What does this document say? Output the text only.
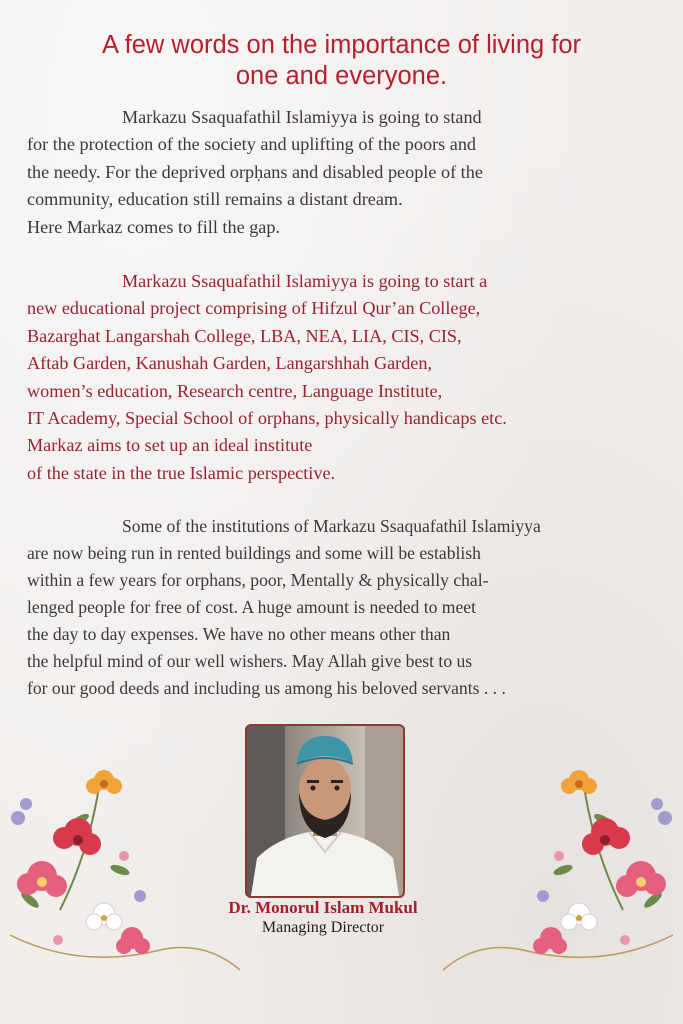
A few words on the importance of living for
one and everyone.
Markazu Ssaquafathil Islamiyya is going to stand
for the protection of the society and uplifting of the poors and
the needy. For the deprived orpḥans and disabled people of the
community, education still remains a distant dream.
Here Markaz comes to fill the gap.
Markazu Ssaquafathil Islamiyya is going to start a
new educational project comprising of Hifzul Qur’an College,
Bazarghat Langarshah College, LBA, NEA, LIA, CIS, CIS,
Aftab Garden, Kanushah Garden, Langarshhah Garden,
women’s education, Research centre, Language Institute,
IT Academy, Special School of orphans, physically handicaps etc.
Markaz aims to set up an ideal institute
of the state in the true Islamic perspective.
Some of the institutions of Markazu Ssaquafathil Islamiyya
are now being run in rented buildings and some will be establish
within a few years for orphans, poor, Mentally & physically chal-
lenged people for free of cost. A huge amount is needed to meet
the day to day expenses. We have no other means other than
the helpful mind of our well wishers. May Allah give best to us
for our good deeds and including us among his beloved servants . . .
Dr. Monorul Islam Mukul
Managing Director
